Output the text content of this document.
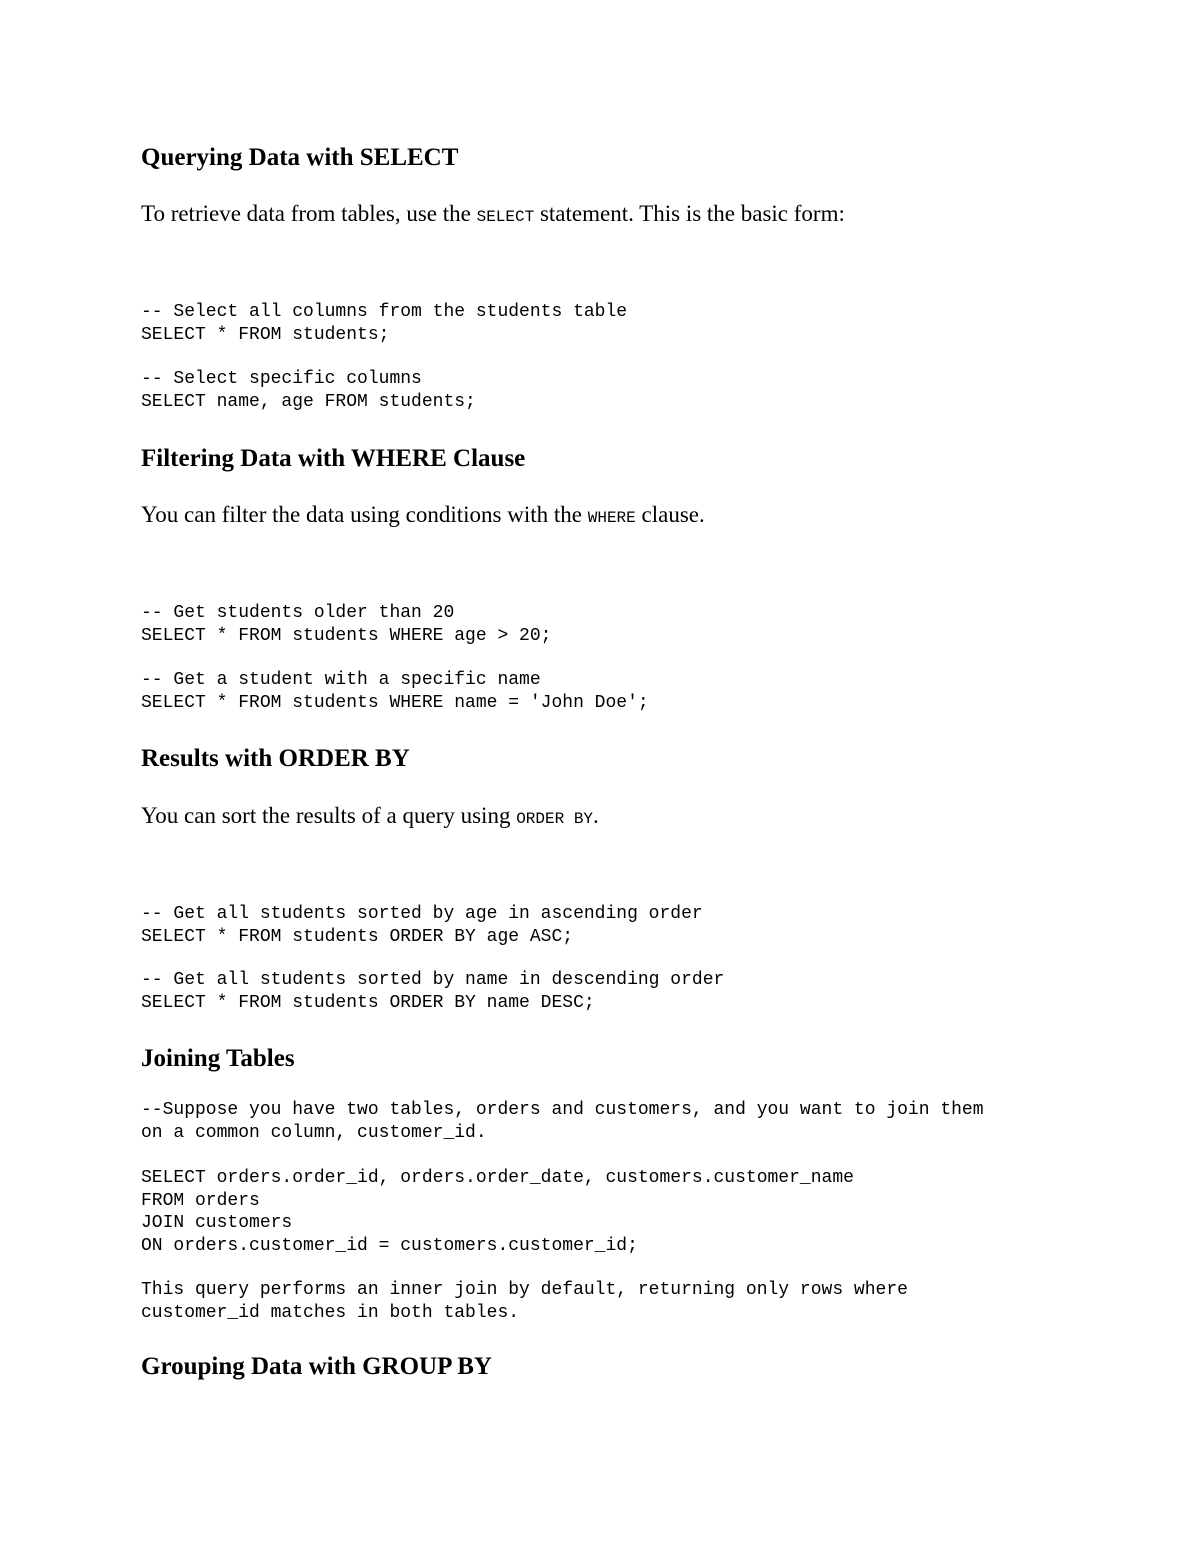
Querying Data with SELECT

To retrieve data from tables, use the SELECT statement. This is the basic form:

-- Select all columns from the students table
SELECT * FROM students;
-- Select specific columns
SELECT name, age FROM students;
Filtering Data with WHERE Clause

You can filter the data using conditions with the WHERE clause.

-- Get students older than 20
SELECT * FROM students WHERE age > 20;
-- Get a student with a specific name
SELECT * FROM students WHERE name = 'John Doe';
Results with ORDER BY

You can sort the results of a query using ORDER BY.

-- Get all students sorted by age in ascending order
SELECT * FROM students ORDER BY age ASC;
-- Get all students sorted by name in descending order
SELECT * FROM students ORDER BY name DESC;
Joining Tables
--Suppose you have two tables, orders and customers, and you want to join them
on a common column, customer_id.
SELECT orders.order_id, orders.order_date, customers.customer_name
FROM orders
JOIN customers
ON orders.customer_id = customers.customer_id;
This query performs an inner join by default, returning only rows where
customer_id matches in both tables.
Grouping Data with GROUP BY
